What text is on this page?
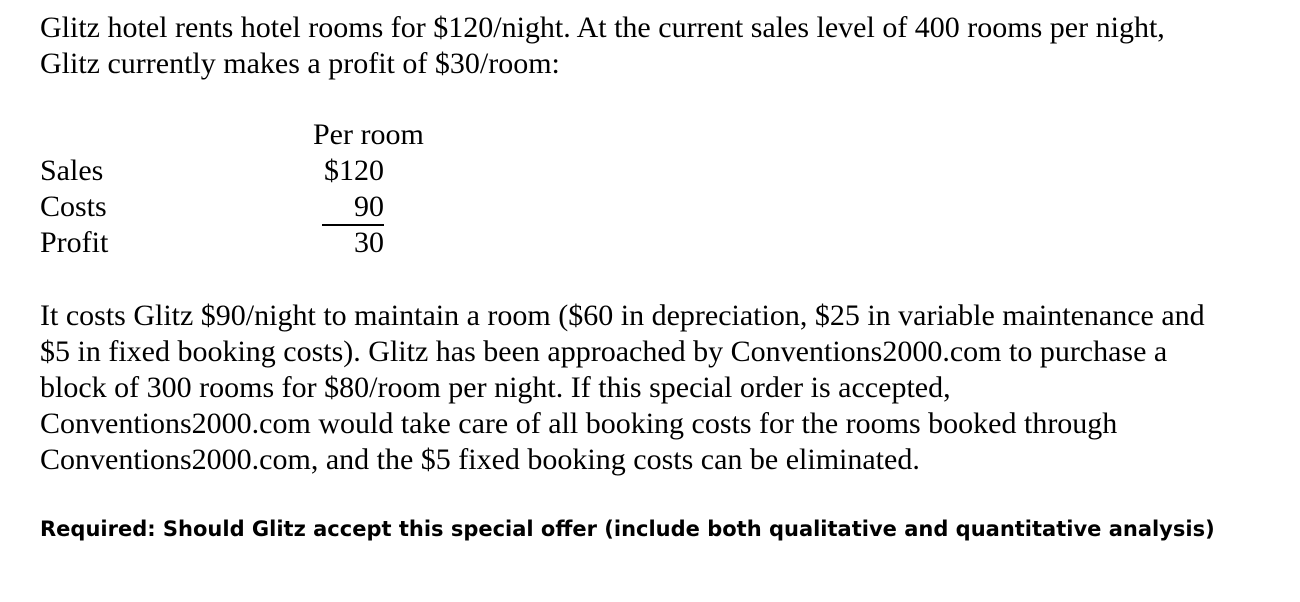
Glitz hotel rents hotel rooms for $120/night. At the current sales level of 400 rooms per night,
Glitz currently makes a profit of $30/room:
Per room
Sales	$120
Costs	90
Profit	30
It costs Glitz $90/night to maintain a room ($60 in depreciation, $25 in variable maintenance and
$5 in fixed booking costs). Glitz has been approached by Conventions2000.com to purchase a
block of 300 rooms for $80/room per night. If this special order is accepted,
Conventions2000.com would take care of all booking costs for the rooms booked through
Conventions2000.com, and the $5 fixed booking costs can be eliminated.

Required: Should Glitz accept this special offer (include both qualitative and quantitative analysis)
